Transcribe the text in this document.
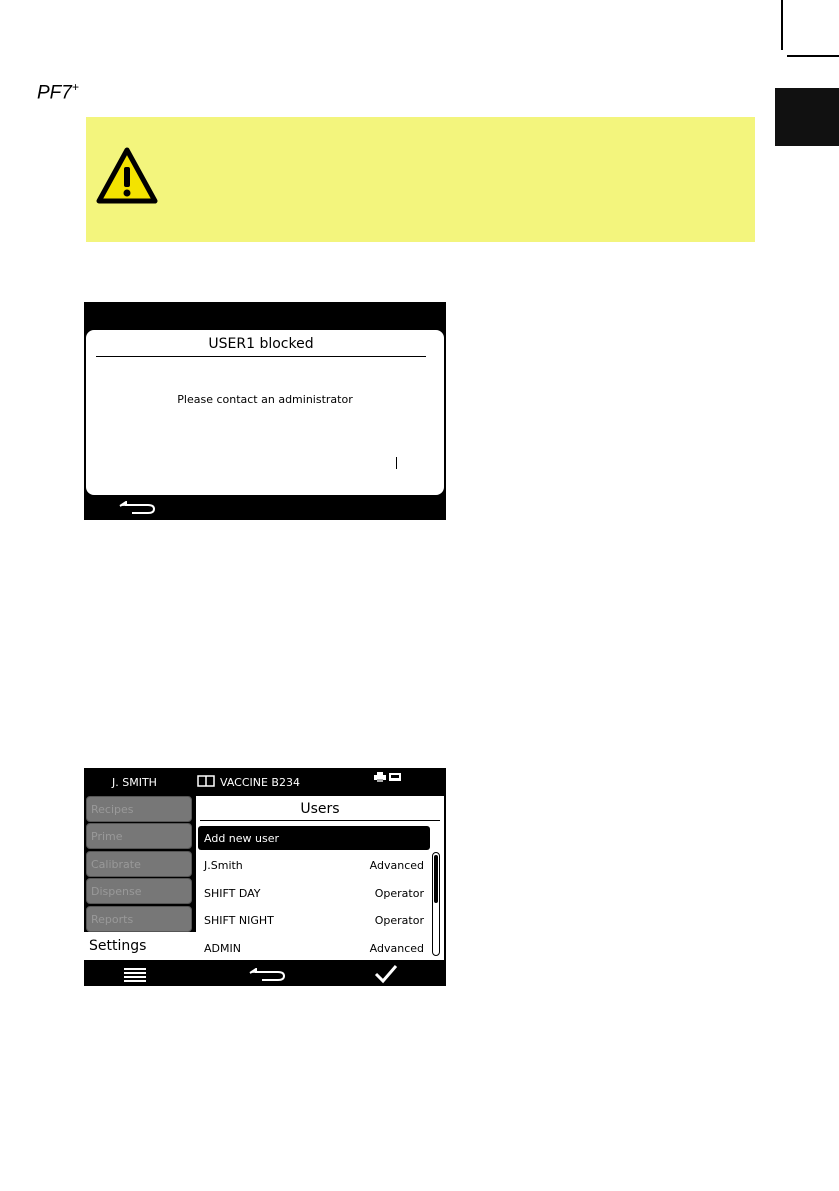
PF7+
USER1 blocked
Please contact an administrator
J. SMITH	VACCINE B234
Recipes
Prime
Calibrate
Dispense
Reports
Settings
Users
Add new user
J.Smith	Advanced
SHIFT DAY	Operator
SHIFT NIGHT	Operator
ADMIN	Advanced
